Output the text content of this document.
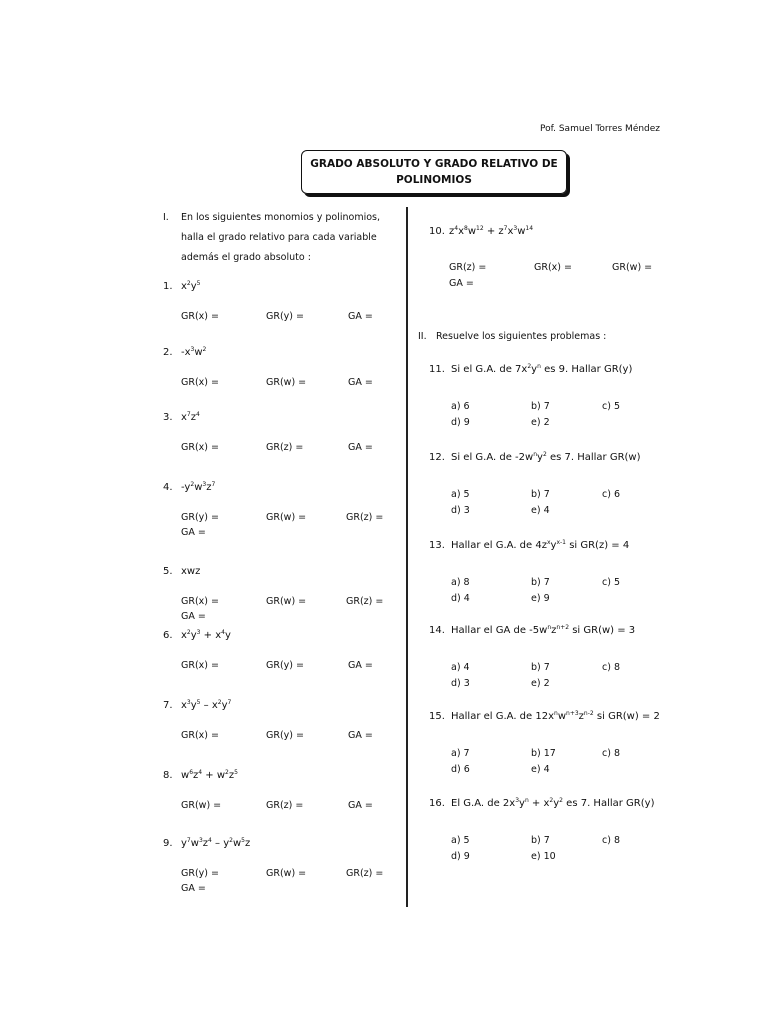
Pof. Samuel Torres Méndez
GRADO ABSOLUTO Y GRADO RELATIVO DE
POLINOMIOS
I. En los siguientes monomios y polinomios,
halla el grado relativo para cada variable
además el grado absoluto :
II. Resuelve los siguientes problemas :
1. $x^2y^5$
GR(x) =	GR(y) =	GA =
2. $-x^3w^2$
GR(x) =	GR(w) =	GA =
3. $x^7z^4$
GR(x) =	GR(z) =	GA =
4. $-y^2w^3z^7$
GR(y) =	GR(w) =	GR(z) =
GA =
5. xwz
GR(x) =	GR(w) =	GR(z) =
GA =
6. $x^2y^3 + x^4y$
GR(x) =	GR(y) =	GA =
7. $x^3y^5 - x^2y^7$
GR(x) =	GR(y) =	GA =
8. $w^6z^4 + w^2z^5$
GR(w) =	GR(z) =	GA =
9. $y^7w^3z^4 - y^2w^5z$
GR(y) =	GR(w) =	GR(z) =
GA =
10. $z^4x^8w^{12} + z^7x^3w^{14}$
GR(z) =	GR(x) =	GR(w) =
GA =
11. Si el G.A. de $7x^2y^n$ es 9. Hallar GR(y)
a) 6	b) 7	c) 5
d) 9	e) 2
12. Si el G.A. de $-2w^ny^2$ es 7. Hallar GR(w)
a) 5	b) 7	c) 6
d) 3	e) 4
13. Hallar el G.A. de $4z^xy^{x-1}$ si GR(z) = 4
a) 8	b) 7	c) 5
d) 4	e) 9
14. Hallar el GA de $-5w^nz^{n+2}$ si GR(w) = 3
a) 4	b) 7	c) 8
d) 3	e) 2
15. Hallar el G.A. de $12x^nw^{n+3}z^{n-2}$ si GR(w) = 2
a) 7	b) 17	c) 8
d) 6	e) 4
16. El G.A. de $2x^3y^n + x^2y^2$ es 7. Hallar GR(y)
a) 5	b) 7	c) 8
d) 9	e) 10
